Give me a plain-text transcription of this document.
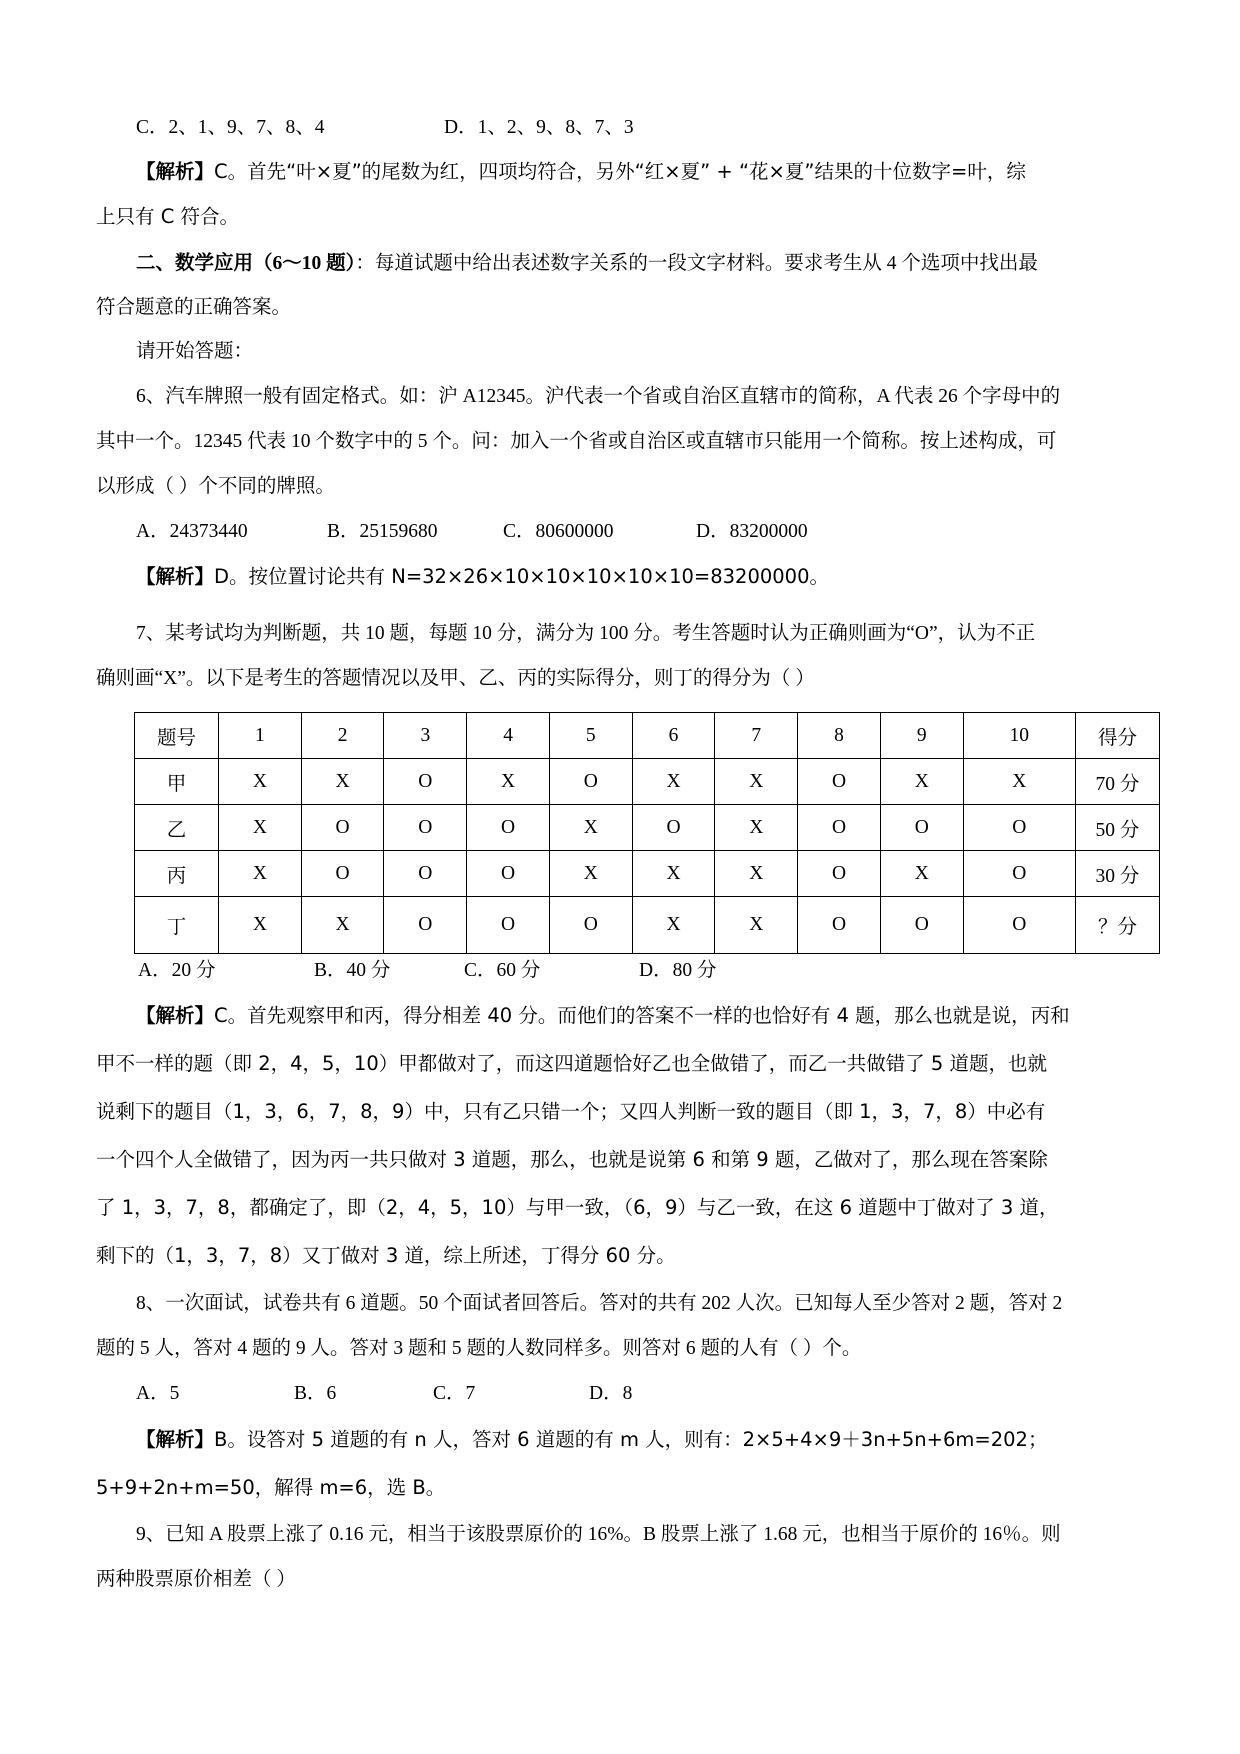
C．2、1、9、7、8、4	D．1、2、9、8、7、3
【解析】C。首先“叶×夏”的尾数为红，四项均符合，另外“红×夏” + “花×夏”结果的十位数字=叶，综
上只有 C 符合。
二、数学应用（6～10 题）：每道试题中给出表述数字关系的一段文字材料。要求考生从 4 个选项中找出最
符合题意的正确答案。
请开始答题：
6、汽车牌照一般有固定格式。如：沪 A12345。沪代表一个省或自治区直辖市的简称，A 代表 26 个字母中的
其中一个。12345 代表 10 个数字中的 5 个。问：加入一个省或自治区或直辖市只能用一个简称。按上述构成，可
以形成（ ）个不同的牌照。
A．24373440	B．25159680	C．80600000	D．83200000
【解析】D。按位置讨论共有 N=32×26×10×10×10×10×10=83200000。
7、某考试均为判断题，共 10 题，每题 10 分，满分为 100 分。考生答题时认为正确则画为“O”，认为不正
确则画“X”。以下是考生的答题情况以及甲、乙、丙的实际得分，则丁的得分为（ ）
题号	1	2	3	4	5	6	7	8	9	10	得分
甲	X	X	O	X	O	X	X	O	X	X	70 分
乙	X	O	O	O	X	O	X	O	O	O	50 分
丙	X	O	O	O	X	X	X	O	X	O	30 分
丁	X	X	O	O	O	X	X	O	O	O	？分
A．20 分	B．40 分	C．60 分	D．80 分
【解析】C。首先观察甲和丙，得分相差 40 分。而他们的答案不一样的也恰好有 4 题，那么也就是说，丙和
甲不一样的题（即 2，4，5，10）甲都做对了，而这四道题恰好乙也全做错了，而乙一共做错了 5 道题，也就
说剩下的题目（1，3，6，7，8，9）中，只有乙只错一个；又四人判断一致的题目（即 1，3，7，8）中必有
一个四个人全做错了，因为丙一共只做对 3 道题，那么，也就是说第 6 和第 9 题，乙做对了，那么现在答案除
了 1，3，7，8，都确定了，即（2，4，5，10）与甲一致，（6，9）与乙一致，在这 6 道题中丁做对了 3 道，
剩下的（1，3，7，8）又丁做对 3 道，综上所述，丁得分 60 分。
8、一次面试，试卷共有 6 道题。50 个面试者回答后。答对的共有 202 人次。已知每人至少答对 2 题，答对 2
题的 5 人，答对 4 题的 9 人。答对 3 题和 5 题的人数同样多。则答对 6 题的人有（ ）个。
A．5	B．6	C．7	D．8
【解析】B。设答对 5 道题的有 n 人，答对 6 道题的有 m 人，则有：2×5+4×9＋3n+5n+6m=202；
5+9+2n+m=50，解得 m=6，选 B。
9、已知 A 股票上涨了 0.16 元，相当于该股票原价的 16%。B 股票上涨了 1.68 元，也相当于原价的 16％。则
两种股票原价相差（ ）
